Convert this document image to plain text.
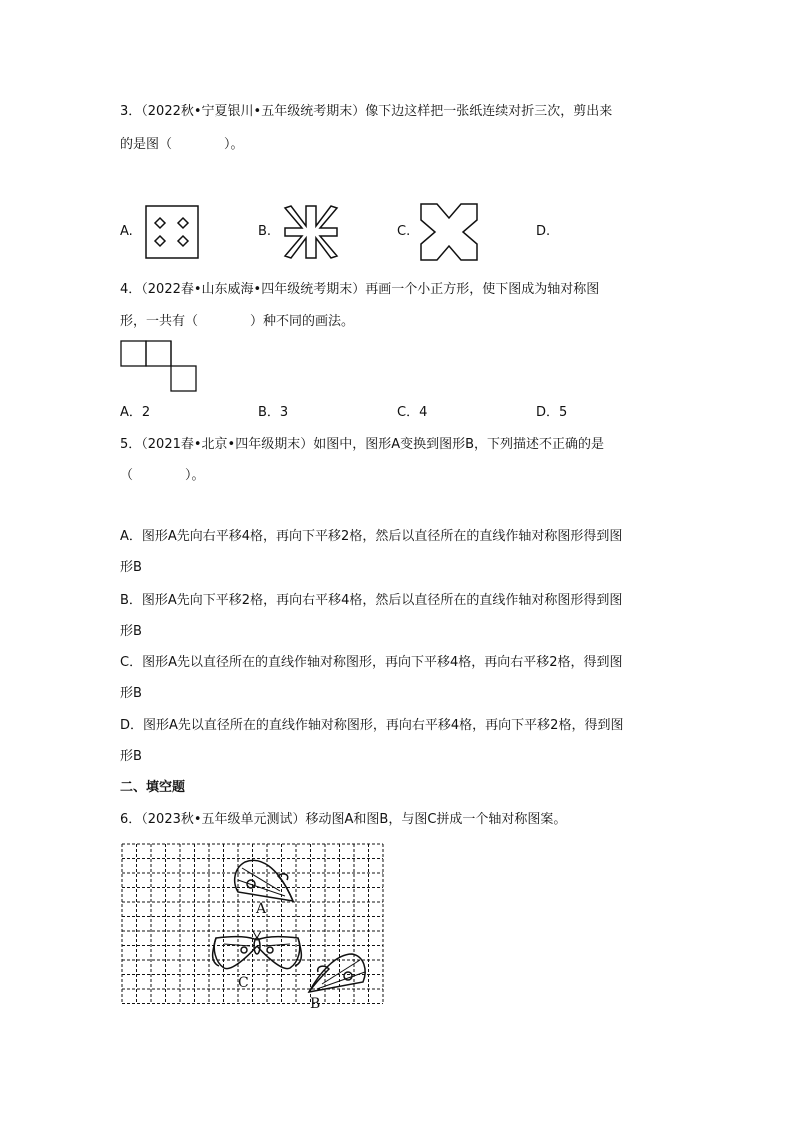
3．（2022秋•宁夏银川•五年级统考期末）像下边这样把一张纸连续对折三次，剪出来
的是图（　　　　）。
A.	B.	C.	D.
4．（2022春•山东威海•四年级统考期末）再画一个小正方形，使下图成为轴对称图
形，一共有（　　　　）种不同的画法。
A．2	B．3	C．4	D．5
5．（2021春•北京•四年级期末）如图中，图形A变换到图形B，下列描述不正确的是
（　　　　）。
A．图形A先向右平移4格，再向下平移2格，然后以直径所在的直线作轴对称图形得到图
形B
B．图形A先向下平移2格，再向右平移4格，然后以直径所在的直线作轴对称图形得到图
形B
C．图形A先以直径所在的直线作轴对称图形，再向下平移4格，再向右平移2格，得到图
形B
D．图形A先以直径所在的直线作轴对称图形，再向右平移4格，再向下平移2格，得到图
形B
二、填空题
6．（2023秋•五年级单元测试）移动图A和图B，与图C拼成一个轴对称图案。
A
C
B
